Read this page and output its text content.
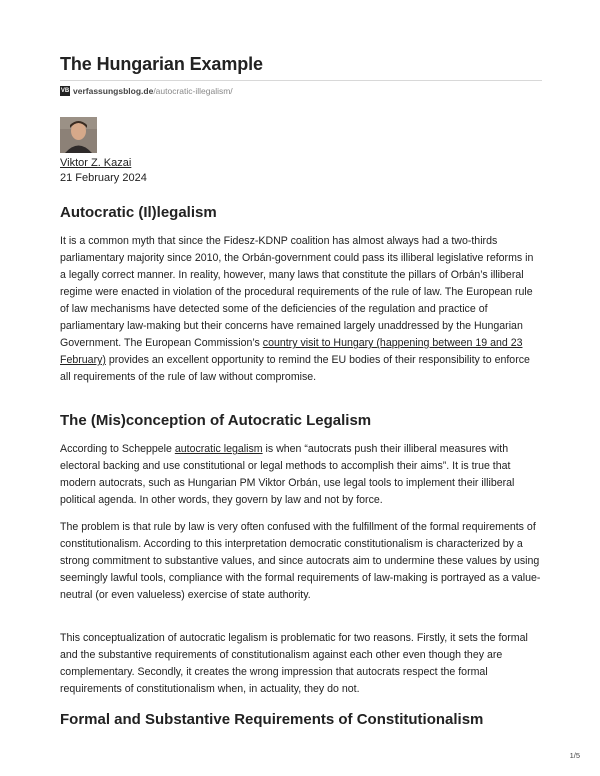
The Hungarian Example
VB verfassungsblog.de /autocratic-illegalism/
Viktor Z. Kazai
21 February 2024
Autocratic (Il)legalism

It is a common myth that since the Fidesz-KDNP coalition has almost always had a two-thirds parliamentary majority since 2010, the Orbán-government could pass its illiberal legislative reforms in a legally correct manner. In reality, however, many laws that constitute the pillars of Orbán’s illiberal regime were enacted in violation of the procedural requirements of the rule of law. The European rule of law mechanisms have detected some of the deficiencies of the regulation and practice of parliamentary law-making but their concerns have remained largely unaddressed by the Hungarian Government. The European Commission’s country visit to Hungary (happening between 19 and 23 February) provides an excellent opportunity to remind the EU bodies of their responsibility to enforce all requirements of the rule of law without compromise.

The (Mis)conception of Autocratic Legalism

According to Scheppele autocratic legalism is when “autocrats push their illiberal measures with electoral backing and use constitutional or legal methods to accomplish their aims”. It is true that modern autocrats, such as Hungarian PM Viktor Orbán, use legal tools to implement their illiberal political agenda. In other words, they govern by law and not by force.

The problem is that rule by law is very often confused with the fulfillment of the formal requirements of constitutionalism. According to this interpretation democratic constitutionalism is characterized by a strong commitment to substantive values, and since autocrats aim to undermine these values by using seemingly lawful tools, compliance with the formal requirements of law-making is portrayed as a value-neutral (or even valueless) exercise of state authority.

This conceptualization of autocratic legalism is problematic for two reasons. Firstly, it sets the formal and the substantive requirements of constitutionalism against each other even though they are complementary. Secondly, it creates the wrong impression that autocrats respect the formal requirements of constitutionalism when, in actuality, they do not.

Formal and Substantive Requirements of Constitutionalism
1/5
